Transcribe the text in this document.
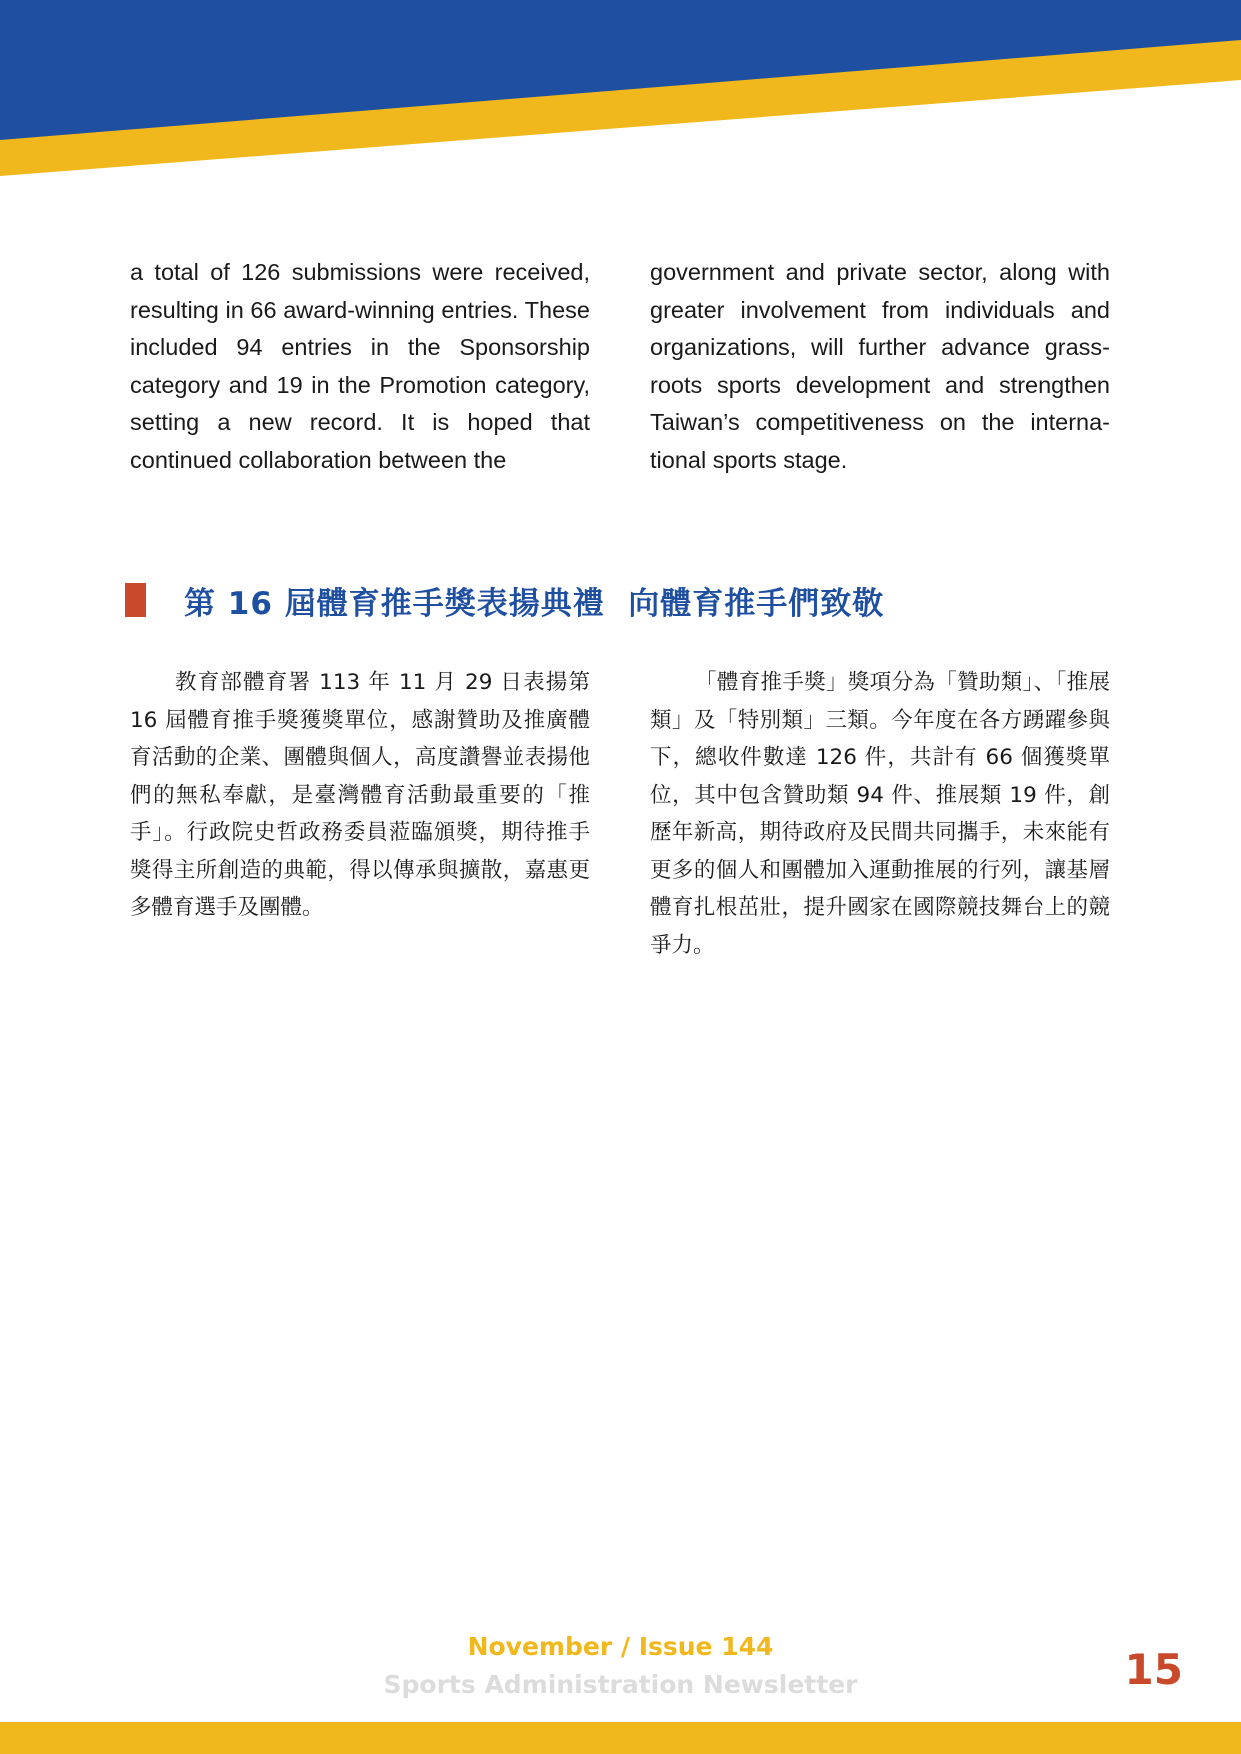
a total of 126 submissions were received, resulting in 66 award-winning entries. These included 94 entries in the Sponsorship category and 19 in the Promotion category, setting a new record. It is hoped that continued collaboration between the

government and private sector, along with greater involvement from individuals and organizations, will further advance grassroots sports development and strengthen Taiwan’s competitiveness on the international sports stage.

第 16 屆體育推手獎表揚典禮  向體育推手們致敬

教育部體育署 113 年 11 月 29 日表揚第 16 屆體育推手獎獲獎單位，感謝贊助及推廣體育活動的企業、團體與個人，高度讚譽並表揚他們的無私奉獻，是臺灣體育活動最重要的「推手」。行政院史哲政務委員蒞臨頒獎，期待推手獎得主所創造的典範，得以傳承與擴散，嘉惠更多體育選手及團體。

「體育推手獎」獎項分為「贊助類」、「推展類」及「特別類」三類。今年度在各方踴躍參與下，總收件數達 126 件，共計有 66 個獲獎單位，其中包含贊助類 94 件、推展類 19 件，創歷年新高，期待政府及民間共同攜手，未來能有更多的個人和團體加入運動推展的行列，讓基層體育扎根茁壯，提升國家在國際競技舞台上的競爭力。

November / Issue 144
Sports Administration Newsletter	15
